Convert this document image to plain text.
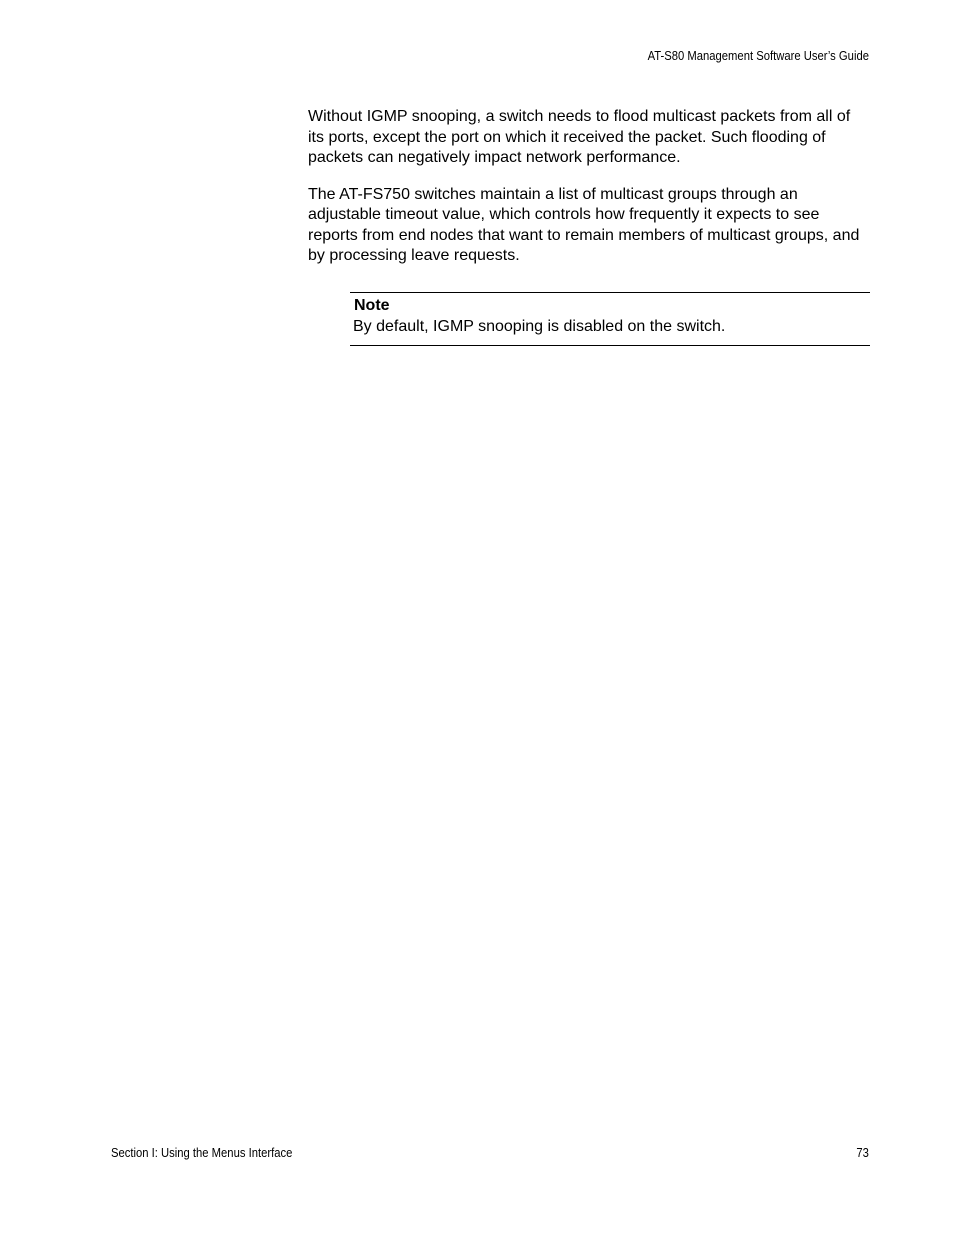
AT-S80 Management Software User’s Guide

Without IGMP snooping, a switch needs to flood multicast packets from all of its ports, except the port on which it received the packet. Such flooding of packets can negatively impact network performance.

The AT-FS750 switches maintain a list of multicast groups through an adjustable timeout value, which controls how frequently it expects to see reports from end nodes that want to remain members of multicast groups, and by processing leave requests.

Note
By default, IGMP snooping is disabled on the switch.
Section I: Using the Menus Interface	73
